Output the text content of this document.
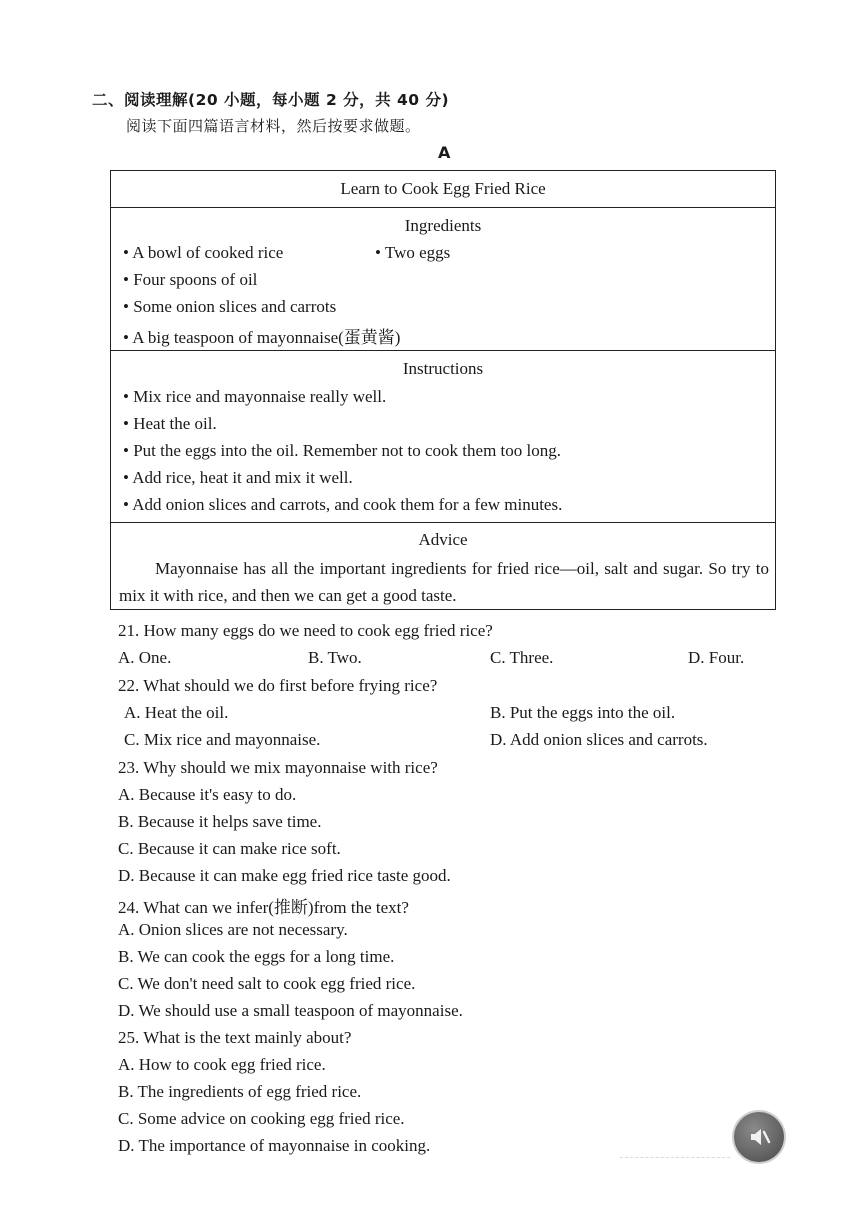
二、阅读理解(20 小题，每小题 2 分，共 40 分)
阅读下面四篇语言材料，然后按要求做题。
A
Learn to Cook Egg Fried Rice
Ingredients
• A bowl of cooked rice	• Two eggs
• Four spoons of oil
• Some onion slices and carrots
• A big teaspoon of mayonnaise(蛋黄酱)
Instructions
• Mix rice and mayonnaise really well.
• Heat the oil.
• Put the eggs into the oil. Remember not to cook them too long.
• Add rice, heat it and mix it well.
• Add onion slices and carrots, and cook them for a few minutes.
Advice
Mayonnaise has all the important ingredients for fried rice—oil, salt and sugar. So try to mix it with rice, and then we can get a good taste.
21. How many eggs do we need to cook egg fried rice?
A. One.	B. Two.	C. Three.	D. Four.
22. What should we do first before frying rice?
A. Heat the oil.	B. Put the eggs into the oil.
C. Mix rice and mayonnaise.	D. Add onion slices and carrots.
23. Why should we mix mayonnaise with rice?
A. Because it's easy to do.
B. Because it helps save time.
C. Because it can make rice soft.
D. Because it can make egg fried rice taste good.
24. What can we infer(推断)from the text?
A. Onion slices are not necessary.
B. We can cook the eggs for a long time.
C. We don't need salt to cook egg fried rice.
D. We should use a small teaspoon of mayonnaise.
25. What is the text mainly about?
A. How to cook egg fried rice.
B. The ingredients of egg fried rice.
C. Some advice on cooking egg fried rice.
D. The importance of mayonnaise in cooking.
